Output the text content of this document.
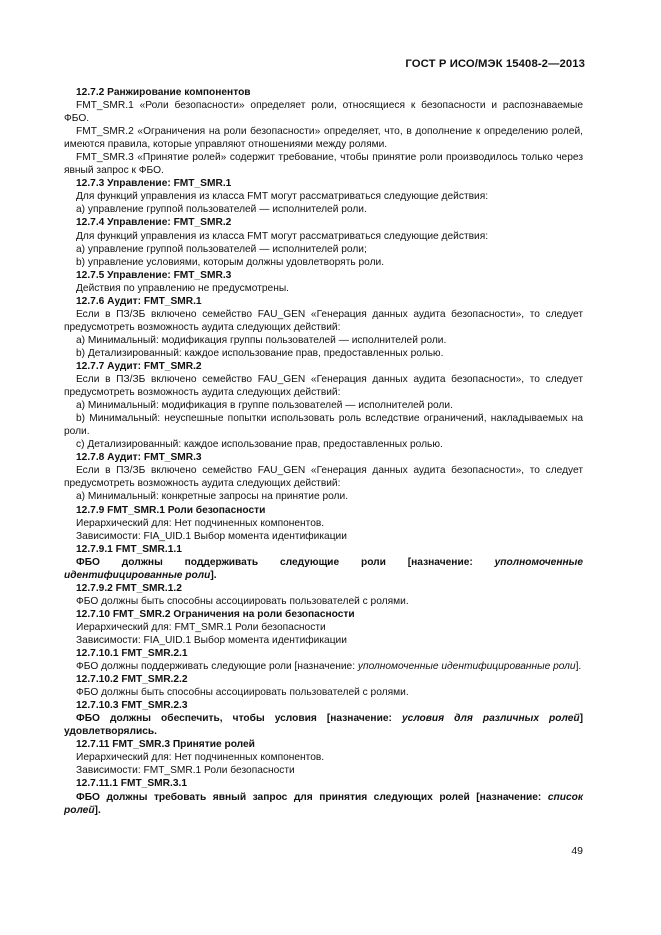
ГОСТ Р ИСО/МЭК 15408-2—2013

12.7.2 Ранжирование компонентов

FMT_SMR.1 «Роли безопасности» определяет роли, относящиеся к безопасности и распознаваемые ФБО.

FMT_SMR.2 «Ограничения на роли безопасности» определяет, что, в дополнение к определению ролей, имеются правила, которые управляют отношениями между ролями.

FMT_SMR.3 «Принятие ролей» содержит требование, чтобы принятие роли производилось только через явный запрос к ФБО.

12.7.3 Управление: FMT_SMR.1

Для функций управления из класса FMT могут рассматриваться следующие действия:

а) управление группой пользователей — исполнителей роли.

12.7.4 Управление: FMT_SMR.2

Для функций управления из класса FMT могут рассматриваться следующие действия:

a) управление группой пользователей — исполнителей роли;

b) управление условиями, которым должны удовлетворять роли.

12.7.5 Управление: FMT_SMR.3

Действия по управлению не предусмотрены.

12.7.6 Аудит: FMT_SMR.1

Если в ПЗ/ЗБ включено семейство FAU_GEN «Генерация данных аудита безопасности», то следует предусмотреть возможность аудита следующих действий:

a) Минимальный: модификация группы пользователей — исполнителей роли.

b) Детализированный: каждое использование прав, предоставленных ролью.

12.7.7 Аудит: FMT_SMR.2

Если в ПЗ/ЗБ включено семейство FAU_GEN «Генерация данных аудита безопасности», то следует предусмотреть возможность аудита следующих действий:

a) Минимальный: модификация в группе пользователей — исполнителей роли.

b) Минимальный: неуспешные попытки использовать роль вследствие ограничений, накладываемых на роли.

c) Детализированный: каждое использование прав, предоставленных ролью.

12.7.8 Аудит: FMT_SMR.3

Если в ПЗ/ЗБ включено семейство FAU_GEN «Генерация данных аудита безопасности», то следует предусмотреть возможность аудита следующих действий:

a) Минимальный: конкретные запросы на принятие роли.

12.7.9 FMT_SMR.1 Роли безопасности

Иерархический для: Нет подчиненных компонентов.

Зависимости: FIA_UID.1 Выбор момента идентификации

12.7.9.1 FMT_SMR.1.1

ФБО должны поддерживать следующие роли [назначение: уполномоченные идентифицированные роли].

12.7.9.2 FMT_SMR.1.2

ФБО должны быть способны ассоциировать пользователей с ролями.

12.7.10 FMT_SMR.2 Ограничения на роли безопасности

Иерархический для: FMT_SMR.1 Роли безопасности

Зависимости: FIA_UID.1 Выбор момента идентификации

12.7.10.1 FMT_SMR.2.1

ФБО должны поддерживать следующие роли [назначение: уполномоченные идентифицированные роли].

12.7.10.2 FMT_SMR.2.2

ФБО должны быть способны ассоциировать пользователей с ролями.

12.7.10.3 FMT_SMR.2.3

ФБО должны обеспечить, чтобы условия [назначение: условия для различных ролей] удовлетворялись.

12.7.11 FMT_SMR.3 Принятие ролей

Иерархический для: Нет подчиненных компонентов.

Зависимости: FMT_SMR.1 Роли безопасности

12.7.11.1 FMT_SMR.3.1

ФБО должны требовать явный запрос для принятия следующих ролей [назначение: список ролей].

49
